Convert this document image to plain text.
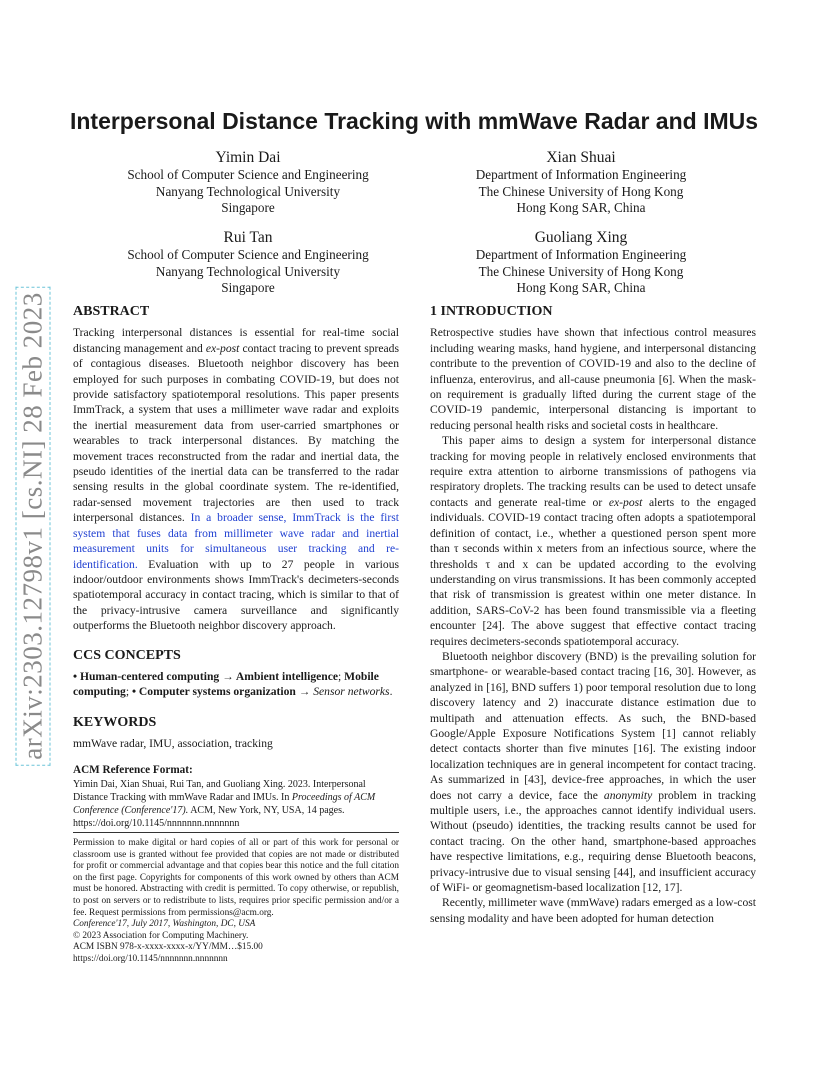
arXiv:2303.12798v1 [cs.NI] 28 Feb 2023
Interpersonal Distance Tracking with mmWave Radar and IMUs
Yimin Dai
School of Computer Science and Engineering
Nanyang Technological University
Singapore
Xian Shuai
Department of Information Engineering
The Chinese University of Hong Kong
Hong Kong SAR, China
Rui Tan
School of Computer Science and Engineering
Nanyang Technological University
Singapore
Guoliang Xing
Department of Information Engineering
The Chinese University of Hong Kong
Hong Kong SAR, China
ABSTRACT

Tracking interpersonal distances is essential for real-time social distancing management and ex-post contact tracing to prevent spreads of contagious diseases. Bluetooth neighbor discovery has been employed for such purposes in combating COVID-19, but does not provide satisfactory spatiotemporal resolutions. This paper presents ImmTrack, a system that uses a millimeter wave radar and exploits the inertial measurement data from user-carried smartphones or wearables to track interpersonal distances. By matching the movement traces reconstructed from the radar and inertial data, the pseudo identities of the inertial data can be transferred to the radar sensing results in the global coordinate system. The re-identified, radar-sensed movement trajectories are then used to track interpersonal distances. In a broader sense, ImmTrack is the first system that fuses data from millimeter wave radar and inertial measurement units for simultaneous user tracking and re-identification. Evaluation with up to 27 people in various indoor/outdoor environments shows ImmTrack's decimeters-seconds spatiotemporal accuracy in contact tracing, which is similar to that of the privacy-intrusive camera surveillance and significantly outperforms the Bluetooth neighbor discovery approach.

CCS CONCEPTS

• Human-centered computing → Ambient intelligence; Mobile computing; • Computer systems organization → Sensor networks.

KEYWORDS

mmWave radar, IMU, association, tracking

ACM Reference Format:

Yimin Dai, Xian Shuai, Rui Tan, and Guoliang Xing. 2023. Interpersonal Distance Tracking with mmWave Radar and IMUs. In Proceedings of ACM Conference (Conference'17). ACM, New York, NY, USA, 14 pages. https://doi.org/10.1145/nnnnnnn.nnnnnnn

Permission to make digital or hard copies of all or part of this work for personal or classroom use is granted without fee provided that copies are not made or distributed for profit or commercial advantage and that copies bear this notice and the full citation on the first page. Copyrights for components of this work owned by others than ACM must be honored. Abstracting with credit is permitted. To copy otherwise, or republish, to post on servers or to redistribute to lists, requires prior specific permission and/or a fee. Request permissions from permissions@acm.org.

Conference'17, July 2017, Washington, DC, USA

© 2023 Association for Computing Machinery.

ACM ISBN 978-x-xxxx-xxxx-x/YY/MM…$15.00

https://doi.org/10.1145/nnnnnnn.nnnnnnn

1 INTRODUCTION

Retrospective studies have shown that infectious control measures including wearing masks, hand hygiene, and interpersonal distancing contribute to the prevention of COVID-19 and also to the decline of influenza, enterovirus, and all-cause pneumonia [6]. When the mask-on requirement is gradually lifted during the current stage of the COVID-19 pandemic, interpersonal distancing is important to reducing personal health risks and societal costs in healthcare.

This paper aims to design a system for interpersonal distance tracking for moving people in relatively enclosed environments that require extra attention to airborne transmissions of pathogens via respiratory droplets. The tracking results can be used to detect unsafe contacts and generate real-time or ex-post alerts to the engaged individuals. COVID-19 contact tracing often adopts a spatiotemporal definition of contact, i.e., whether a questioned person spent more than τ seconds within x meters from an infectious source, where the thresholds τ and x can be updated according to the evolving understanding on virus transmissions. It has been commonly accepted that risk of transmission is greatest within one meter distance. In addition, SARS-CoV-2 has been found transmissible via a fleeting encounter [24]. The above suggest that effective contact tracing requires decimeters-seconds spatiotemporal accuracy.

Bluetooth neighbor discovery (BND) is the prevailing solution for smartphone- or wearable-based contact tracing [16, 30]. However, as analyzed in [16], BND suffers 1) poor temporal resolution due to long discovery latency and 2) inaccurate distance estimation due to multipath and attenuation effects. As such, the BND-based Google/Apple Exposure Notifications System [1] cannot reliably detect contacts shorter than five minutes [16]. The existing indoor localization techniques are in general incompetent for contact tracing. As summarized in [43], device-free approaches, in which the user does not carry a device, face the anonymity problem in tracking multiple users, i.e., the approaches cannot identify individual users. Without (pseudo) identities, the tracking results cannot be used for contact tracing. On the other hand, smartphone-based approaches have respective limitations, e.g., requiring dense Bluetooth beacons, privacy-intrusive due to visual sensing [44], and insufficient accuracy of WiFi- or geomagnetism-based localization [12, 17].

Recently, millimeter wave (mmWave) radars emerged as a low-cost sensing modality and have been adopted for human detection
